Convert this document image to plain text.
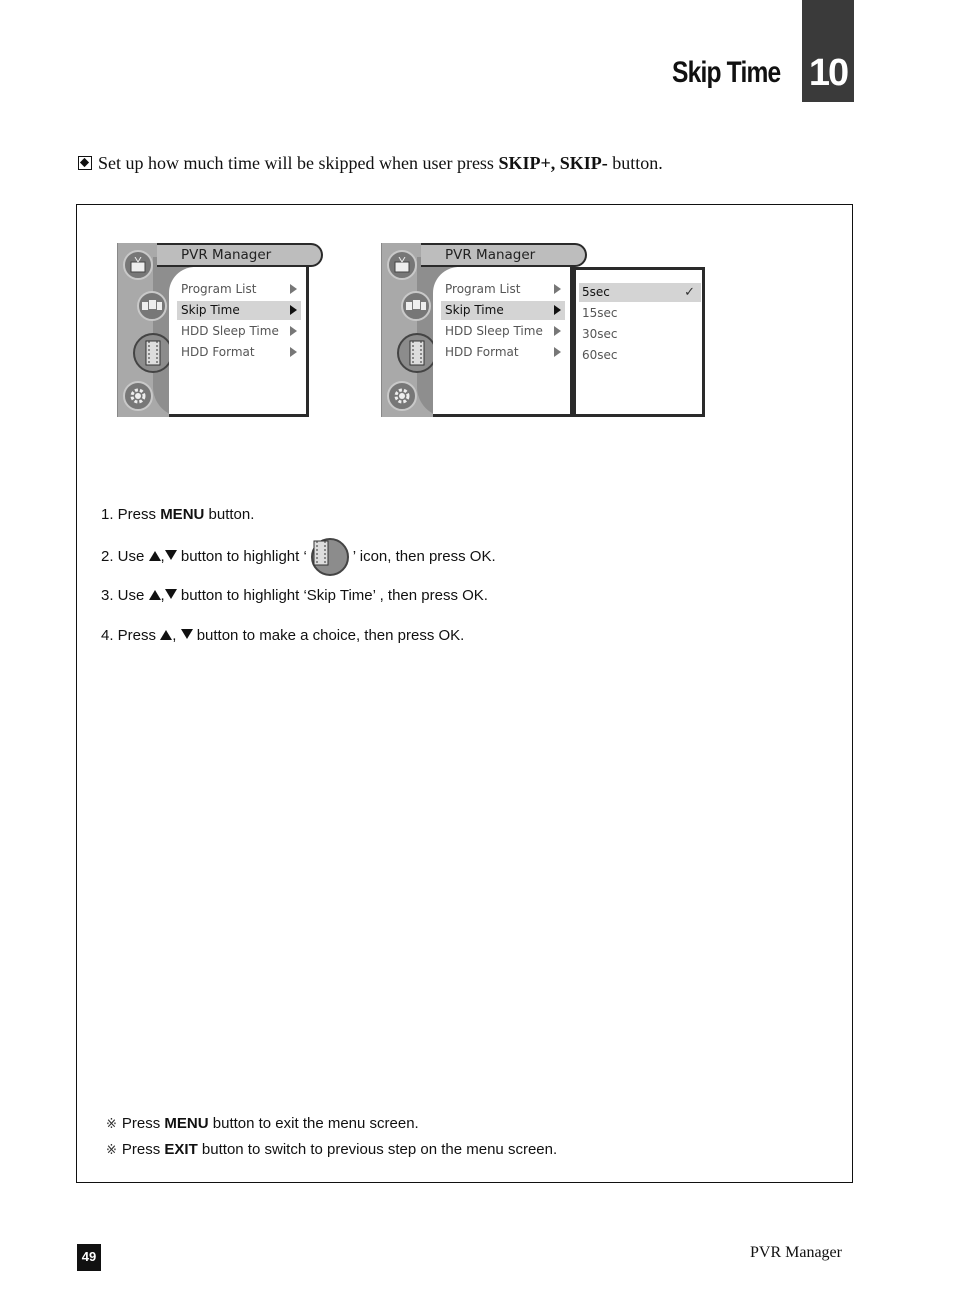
Skip Time 10
Set up how much time will be skipped when user press SKIP+, SKIP- button.
PVR Manager
Program List
Skip Time
HDD Sleep Time
HDD Format
PVR Manager
Program List
Skip Time
HDD Sleep Time
HDD Format
5sec	✓
15sec
30sec
60sec
1. Press MENU button.
2. Use , button to highlight ‘	’ icon, then press OK.
3. Use , button to highlight ‘Skip Time’ , then press OK.
4. Press ,  button to make a choice, then press OK.
※ Press MENU button to exit the menu screen.
※ Press EXIT button to switch to previous step on the menu screen.
49	PVR Manager
